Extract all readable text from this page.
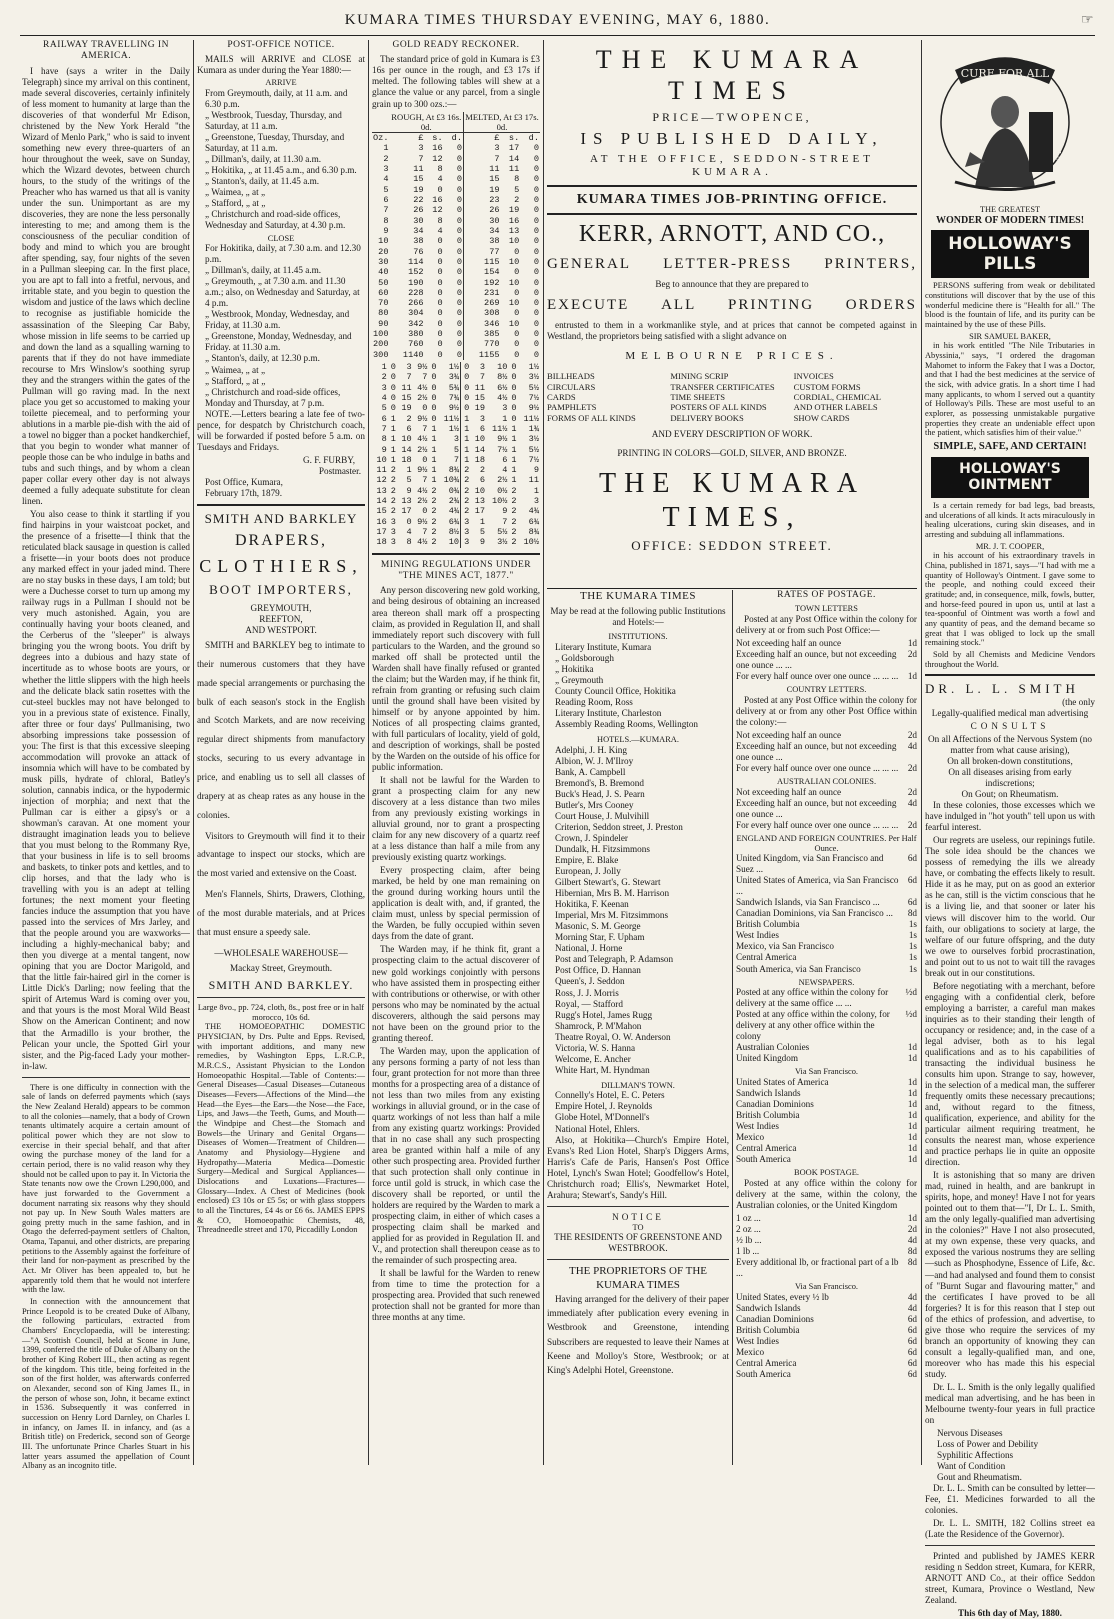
KUMARA TIMES THURSDAY EVENING, MAY 6, 1880.	☞
RAILWAY TRAVELLING IN AMERICA.

I have (says a writer in the Daily Telegraph) since my arrival on this continent, made several discoveries, certainly infinitely of less moment to humanity at large than the discoveries of that wonderful Mr Edison, christened by the New York Herald "the Wizard of Menlo Park," who is said to invent something new every three-quarters of an hour throughout the week, save on Sunday, which the Wizard devotes, between church hours, to the study of the writings of the Preacher who has warned us that all is vanity under the sun. Unimportant as are my discoveries, they are none the less personally interesting to me; and among them is the consciousness of the peculiar condition of body and mind to which you are brought after spending, say, four nights of the seven in a Pullman sleeping car. In the first place, you are apt to fall into a fretful, nervous, and irritable state, and you begin to question the wisdom and justice of the laws which decline to recognise as justifiable homicide the assassination of the Sleeping Car Baby, whose mission in life seems to be carried up and down the land as a squalling warning to parents that if they do not have immediate recourse to Mrs Winslow's soothing syrup they and the strangers within the gates of the Pullman will go raving mad. In the next place you get so accustomed to making your toilette piecemeal, and to performing your ablutions in a marble pie-dish with the aid of a towel no bigger than a pocket handkerchief, that you begin to wonder what manner of people those can be who indulge in baths and tubs and such things, and by whom a clean paper collar every other day is not always deemed a fully adequate substitute for clean linen.

You also cease to think it startling if you find hairpins in your waistcoat pocket, and the presence of a frisette—I think that the reticulated black sausage in question is called a frisette—in your boots does not produce any marked effect in your jaded mind. There are no stay busks in these days, I am told; but were a Duchesse corset to turn up among my railway rugs in a Pullman I should not be very much astonished. Again, you are continually having your boots cleaned, and the Cerberus of the "sleeper" is always bringing you the wrong boots. You drift by degrees into a dubious and hazy state of incertitude as to whose boots are yours, or whether the little slippers with the high heels and the delicate black satin rosettes with the cut-steel buckles may not have belonged to you in a previous state of existence. Finally, after three or four days' Pullmanising, two absorbing impressions take possession of you: The first is that this excessive sleeping accommodation will provoke an attack of insomnia which will have to be combated by musk pills, hydrate of chloral, Batley's solution, cannabis indica, or the hypodermic injection of morphia; and next that the Pullman car is either a gipsy's or a showman's caravan. At one moment your distraught imagination leads you to believe that you must belong to the Rommany Rye, that your business in life is to sell brooms and baskets, to tinker pots and kettles, and to clip horses, and that the lady who is travelling with you is an adept at telling fortunes; the next moment your fleeting fancies induce the assumption that you have passed into the services of Mrs Jarley, and that the people around you are waxworks—including a highly-mechanical baby; and then you diverge at a mental tangent, now opining that you are Doctor Marigold, and that the little fair-haired girl in the corner is Little Dick's Darling; now feeling that the spirit of Artemus Ward is coming over you, and that yours is the most Moral Wild Beast Show on the American Continent; and now that the Armadillo is your brother, the Pelican your uncle, the Spotted Girl your sister, and the Pig-faced Lady your mother-in-law.

There is one difficulty in connection with the sale of lands on deferred payments which (says the New Zealand Herald) appears to be common to all the colonies—namely, that a body of Crown tenants ultimately acquire a certain amount of political power which they are not slow to exercise in their special behalf, and that after owing the purchase money of the land for a certain period, there is no valid reason why they should not be called upon to pay it. In Victoria the State tenants now owe the Crown L290,000, and have just forwarded to the Government a document narrating six reasons why they should not pay up. In New South Wales matters are going pretty much in the same fashion, and in Otago the deferred-payment settlers of Chalton, Otama, Tapanui, and other districts, are preparing petitions to the Assembly against the forfeiture of their land for non-payment as prescribed by the Act. Mr Oliver has been appealed to, but he apparently told them that he would not interfere with the law.

In connection with the announcement that Prince Leopold is to be created Duke of Albany, the following particulars, extracted from Chambers' Encyclopaedia, will be interesting:—"A Scottish Council, held at Scone in June, 1399, conferred the title of Duke of Albany on the brother of King Robert III., then acting as regent of the kingdom. This title, being forfeited in the son of the first holder, was afterwards conferred on Alexander, second son of King James II., in the person of whose son, John, it became extinct in 1536. Subsequently it was conferred in succession on Henry Lord Darnley, on Charles I. in infancy, on James II. in infancy, and (as a British title) on Frederick, second son of George III. The unfortunate Prince Charles Stuart in his latter years assumed the appellation of Count Albany as an incognito title.

POST-OFFICE NOTICE.

MAILS will ARRIVE and CLOSE at Kumara as under during the Year 1880:—

ARRIVE
From Greymouth, daily, at 11 a.m. and 6.30 p.m.
„ Westbrook, Tuesday, Thursday, and Saturday, at 11 a.m.
„ Greenstone, Tuesday, Thursday, and Saturday, at 11 a.m.
„ Dillman's, daily, at 11.30 a.m.
„ Hokitika, „ at 11.45 a.m., and 6.30 p.m.
„ Stanton's, daily, at 11.45 a.m.
„ Waimea, „ at „
„ Stafford, „ at „
„ Christchurch and road-side offices, Wednesday and Saturday, at 4.30 p.m.
CLOSE
For Hokitika, daily, at 7.30 a.m. and 12.30 p.m.
„ Dillman's, daily, at 11.45 a.m.
„ Greymouth, „ at 7.30 a.m. and 11.30 a.m.; also, on Wednesday and Saturday, at 4 p.m.
„ Westbrook, Monday, Wednesday, and Friday, at 11.30 a.m.
„ Greenstone, Monday, Wednesday, and Friday. at 11.30 a.m.
„ Stanton's, daily, at 12.30 p.m.
„ Waimea, „ at „
„ Stafford, „ at „
„ Christchurch and road-side offices, Monday and Thursday, at 7 p.m.

NOTE.—Letters bearing a late fee of two-pence, for despatch by Christchurch coach, will be forwarded if posted before 5 a.m. on Tuesdays and Fridays.

G. F. FURBY,
Postmaster.
Post Office, Kumara,
February 17th, 1879.
SMITH AND BARKLEY
DRAPERS,
CLOTHIERS,
BOOT IMPORTERS,
GREYMOUTH,
REEFTON,
AND WESTPORT.

SMITH and BARKLEY beg to intimate to their numerous customers that they have made special arrangements or purchasing the bulk of each season's stock in the English and Scotch Markets, and are now receiving regular direct shipments from manufactory stocks, securing to us every advantage in price, and enabling us to sell all classes of drapery at as cheap rates as any house in the colonies.

Visitors to Greymouth will find it to their advantage to inspect our stocks, which are the most varied and extensive on the Coast.

Men's Flannels, Shirts, Drawers, Clothing, of the most durable materials, and at Prices that must ensure a speedy sale.

—WHOLESALE WAREHOUSE—
Mackay Street, Greymouth.
SMITH AND BARKLEY.
Large 8vo., pp. 724, cloth, 8s., post free or in half morocco, 10s 6d.

THE HOMOEOPATHIC DOMESTIC PHYSICIAN, by Drs. Pulte and Epps. Revised, with important additions, and many new remedies, by Washington Epps, L.R.C.P., M.R.C.S., Assistant Physician to the London Homoeopathic Hospital.—Table of Contents:—General Diseases—Casual Diseases—Cutaneous Diseases—Fevers—Affections of the Mind—the Head—the Eyes—the Ears—the Nose—the Face, Lips, and Jaws—the Teeth, Gums, and Mouth—the Windpipe and Chest—the Stomach and Bowels—the Urinary and Genital Organs—Diseases of Women—Treatment of Children—Anatomy and Physiology—Hygiene and Hydropathy—Materia Medica—Domestic Surgery—Medical and Surgical Appliances—Dislocations and Luxations—Fractures—Glossary—Index. A Chest of Medicines (book enclosed) £3 10s or £5 5s; or with glass stoppers to all the Tinctures, £4 4s or £6 6s. JAMES EPPS & CO, Homoeopathic Chemists, 48, Threadneedle street and 170, Piccadilly London

GOLD READY RECKONER.

The standard price of gold in Kumara is £3 16s per ounce in the rough, and £3 17s if melted. The following tables will shew at a glance the value or any parcel, from a single grain up to 300 ozs.:—

	ROUGH, At £3 16s. 0d.			MELTED, At £3 17s. 0d.		
Oz.	£	s.	d.	£	s.	d.
1	3	16	0	3	17	0
2	7	12	0	7	14	0
3	11	8	0	11	11	0
4	15	4	0	15	8	0
5	19	0	0	19	5	0
6	22	16	0	23	2	0
7	26	12	0	26	19	0
8	30	8	0	30	16	0
9	34	4	0	34	13	0
10	38	0	0	38	10	0
20	76	0	0	77	0	0
30	114	0	0	115	10	0
40	152	0	0	154	0	0
50	190	0	0	192	10	0
60	228	0	0	231	0	0
70	266	0	0	269	10	0
80	304	0	0	308	0	0
90	342	0	0	346	10	0
100	380	0	0	385	0	0
200	760	0	0	770	0	0
300	1140	0	0	1155	0	0
1	0	3	9½	0	1½	0	3	10	0	1½
2	0	7	7	0	3¾	0	7	8½	0	3½
3	0	11	4½	0	5¾	0	11	6½	0	5½
4	0	15	2½	0	7¾	0	15	4½	0	7½
5	0	19	0	0	9½	0	19	3	0	9½
6	1	2	9½	0	11½	1	3	1	0	11½
7	1	6	7	1	1½	1	6	11½	1	1¾
8	1	10	4½	1	3	1	10	9½	1	3½
9	1	14	2½	1	5	1	14	7½	1	5½
10	1	18	0	1	7	1	18	6	1	7½
11	2	1	9½	1	8¾	2	2	4	1	9
12	2	5	7	1	10¾	2	6	2½	1	11
13	2	9	4½	2	0¾	2	10	0½	2	1
14	2	13	2½	2	2¾	2	13	10½	2	3
15	2	17	0	2	4¾	2	17	9	2	4¾
16	3	0	9½	2	6¾	3	1	7	2	6¾
17	3	4	7	2	8½	3	5	5½	2	8¾
18	3	8	4½	2	10	3	9	3½	2	10½
MINING REGULATIONS UNDER "THE MINES ACT, 1877."

Any person discovering new gold working, and being desirous of obtaining an increased area thereon shall mark off a prospecting claim, as provided in Regulation II, and shall immediately report such discovery with full particulars to the Warden, and the ground so marked off shall be protected until the Warden shall have finally refused or granted the claim; but the Warden may, if he think fit, refrain from granting or refusing such claim until the ground shall have been visited by himself or by anyone appointed by him. Notices of all prospecting claims granted, with full particulars of locality, yield of gold, and description of workings, shall be posted by the Warden on the outside of his office for public information.

It shall not be lawful for the Warden to grant a prospecting claim for any new discovery at a less distance than two miles from any previously existing workings in alluvial ground, nor to grant a prospecting claim for any new discovery of a quartz reef at a less distance than half a mile from any previously existing quartz workings.

Every prospecting claim, after being marked, be held by one man remaining on the ground during working hours until the application is dealt with, and, if granted, the claim must, unless by special permission of the Warden, be fully occupied within seven days from the date of grant.

The Warden may, if he think fit, grant a prospecting claim to the actual discoverer of new gold workings conjointly with persons who have assisted them in prospecting either with contributions or otherwise, or with other persons who may be nominated by the actual discoverers, although the said persons may not have been on the ground prior to the granting thereof.

The Warden may, upon the application of any persons forming a party of not less than four, grant protection for not more than three months for a prospecting area of a distance of not less than two miles from any existing workings in alluvial ground, or in the case of quartz workings of not less than half a mile from any existing quartz workings: Provided that in no case shall any such prospecting area be granted within half a mile of any other such prospecting area. Provided further that such protection shall only continue in force until gold is struck, in which case the discovery shall be reported, or until the holders are required by the Warden to mark a prospecting claim, in either of which cases a prospecting claim shall be marked and applied for as provided in Regulation II. and V., and protection shall thereupon cease as to the remainder of such prospecting area.

It shall be lawful for the Warden to renew from time to time the protection for a prospecting area. Provided that such renewed protection shall not be granted for more than three months at any time.

THE KUMARA TIMES
PRICE—TWOPENCE,
IS PUBLISHED DAILY,
AT THE OFFICE, SEDDON-STREET
KUMARA.
KUMARA TIMES JOB-PRINTING OFFICE.
KERR, ARNOTT, AND CO.,
GENERAL LETTER-PRESS PRINTERS,
Beg to announce that they are prepared to
EXECUTE ALL PRINTING ORDERS

entrusted to them in a workmanlike style, and at prices that cannot be competed against in Westland, the proprietors being satisfied with a slight advance on

MELBOURNE PRICES.
BILLHEADS	MINING SCRIP	INVOICES
CIRCULARS	TRANSFER CERTIFICATES	CUSTOM FORMS
CARDS	TIME SHEETS	CORDIAL, CHEMICAL
PAMPHLETS	POSTERS OF ALL KINDS	AND OTHER LABELS
FORMS OF ALL KINDS	DELIVERY BOOKS	SHOW CARDS
AND EVERY DESCRIPTION OF WORK.
PRINTING IN COLORS—GOLD, SILVER, AND BRONZE.
THE KUMARA TIMES,
OFFICE: SEDDON STREET.
THE KUMARA TIMES
May be read at the following public Institutions and Hotels:—
INSTITUTIONS.
Literary Institute, Kumara
„ Goldsborough
„ Hokitika
„ Greymouth
County Council Office, Hokitika
Reading Room, Ross
Literary Institute, Charleston
Assembly Reading Rooms, Wellington
HOTELS.—KUMARA.
Adelphi, J. H. King
Albion, W. J. M'Ilroy
Bank, A. Campbell
Bremond's, B. Bremond
Buck's Head, J. S. Pearn
Butler's, Mrs Cooney
Court House, J. Mulvihill
Criterion, Seddon street, J. Preston
Crown, J. Spindeler
Dundalk, H. Fitzsimmons
Empire, E. Blake
European, J. Jolly
Gilbert Stewart's, G. Stewart
Hibernian, Mrs B. M. Harrison
Hokitika, F. Keenan
Imperial, Mrs M. Fitzsimmons
Masonic, S. M. George
Morning Star, F. Upham
National, J. Horne
Post and Telegraph, P. Adamson
Post Office, D. Hannan
Queen's, J. Seddon
Ross, J. J. Morris
Royal, — Stafford
Rugg's Hotel, James Rugg
Shamrock, P. M'Mahon
Theatre Royal, O. W. Anderson
Victoria, W. S. Hanna
Welcome, E. Ancher
White Hart, M. Hyndman
DILLMAN'S TOWN.
Connelly's Hotel, E. C. Peters
Empire Hotel, J. Reynolds
Globe Hotel, M'Donnell's
National Hotel, Ehlers.

Also, at Hokitika—Church's Empire Hotel, Evans's Red Lion Hotel, Sharp's Diggers Arms, Harris's Cafe de Paris, Hansen's Post Office Hotel, Lynch's Swan Hotel; Goodfellow's Hotel, Christchurch road; Ellis's, Newmarket Hotel, Arahura; Stewart's, Sandy's Hill.

NOTICE
TO
THE RESIDENTS OF GREENSTONE AND WESTBROOK.
THE PROPRIETORS OF THE KUMARA TIMES

Having arranged for the delivery of their paper immediately after publication every evening in Westbrook and Greenstone, intending Subscribers are requested to leave their Names at Keene and Molloy's Store, Westbrook; or at King's Adelphi Hotel, Greenstone.

RATES OF POSTAGE.
TOWN LETTERS

Posted at any Post Office within the colony for delivery at or from such Post Office:—

Not exceeding half an ounce	1d
Exceeding half an ounce, but not exceeding one ounce ... ...
2d
For every half ounce over one ounce ... ... ...	1d
COUNTRY LETTERS.

Posted at any Post Office within the colony for delivery at or from any other Post Office within the colony:—

Not exceeding half an ounce	2d
Exceeding half an ounce, but not exceeding one ounce ...
4d
For every half ounce over one ounce ... ... ...	2d
AUSTRALIAN COLONIES.
Not exceeding half an ounce	2d
Exceeding half an ounce, but not exceeding one ounce ...
4d
For every half ounce over one ounce ... ... ...	2d
ENGLAND AND FOREIGN COUNTRIES. Per Half Ounce.
United Kingdom, via San Francisco and Suez ...
6d
United States of America, via San Francisco ...
6d
Sandwich Islands, via San Francisco ...	6d
Canadian Dominions, via San Francisco ...	8d
British Columbia	1s
West Indies	1s
Mexico, via San Francisco	1s
Central America	1s
South America, via San Francisco	1s
NEWSPAPERS.
Posted at any office within the colony for delivery at the same office ... ...
½d
Posted at any office within the colony, for delivery at any other office within the colony
½d
Australian Colonies	1d
United Kingdom	1d
Via San Francisco.
United States of America	1d
Sandwich Islands	1d
Canadian Dominions	1d
British Columbia	1d
West Indies	1d
Mexico	1d
Central America	1d
South America	1d
BOOK POSTAGE.

Posted at any office within the colony for delivery at the same, within the colony, the Australian colonies, or the United Kingdom

1 oz ...	1d
2 oz ...	2d
½ lb ...	4d
1 lb ...	8d
Every additional lb, or fractional part of a lb ...
8d
Via San Francisco.
United States, every ½ lb	4d
Sandwich Islands	4d
Canadian Dominions	6d
British Columbia	6d
West Indies	6d
Mexico	6d
Central America	6d
South America	6d
CURE FOR ALL
NEVER FAILING
THE GREATEST
WONDER OF MODERN TIMES!
HOLLOWAY'S PILLS

PERSONS suffering from weak or debilitated constitutions will discover that by the use of this wonderful medicine there is "Health for all." The blood is the fountain of life, and its purity can be maintained by the use of these Pills.

SIR SAMUEL BAKER,

in his work entitled "The Nile Tributaries in Abyssinia," says, "I ordered the dragoman Mahomet to inform the Fakey that I was a Doctor, and that I had the best medicines at the service of the sick, with advice gratis. In a short time I had many applicants, to whom I served out a quantity of Holloway's Pills. These are most useful to an explorer, as possessing unmistakable purgative properties they create an undeniable effect upon the patient, which satisfies him of their value."

SIMPLE, SAFE, AND CERTAIN!
HOLLOWAY'S OINTMENT

Is a certain remedy for bad legs, bad breasts, and ulcerations of all kinds. It acts miraculously in healing ulcerations, curing skin diseases, and in arresting and subduing all inflammations.

MR. J. T. COOPER,

in his account of his extraordinary travels in China, published in 1871, says—"I had with me a quantity of Holloway's Ointment. I gave some to the people, and nothing could exceed their gratitude; and, in consequence, milk, fowls, butter, and horse-feed poured in upon us, until at last a tea-spoonful of Ointment was worth a fowl and any quantity of peas, and the demand became so great that I was obliged to lock up the small remaining stock."

Sold by all Chemists and Medicine Vendors throughout the World.

DR. L. L. SMITH
(the only
Legally-qualified medical man advertising
CONSULTS
On all Affections of the Nervous System (no matter from what cause arising),
On all broken-down constitutions,
On all diseases arising from early indiscretions;
On Gout; on Rheumatism.

In these colonies, those excesses which we have indulged in "hot youth" tell upon us with fearful interest.

Our regrets are useless, our repinings futile. The sole idea should be the chances we possess of remedying the ills we already have, or combating the effects likely to result. Hide it as he may, put on as good an exterior as he can, still is the victim conscious that he is a living lie, and that sooner or later his views will discover him to the world. Our faith, our obligations to society at large, the welfare of our future offspring, and the duty we owe to ourselves forbid procrastination, and point out to us not to wait till the ravages break out in our constitutions.

Before negotiating with a merchant, before engaging with a confidential clerk, before employing a barrister, a careful man makes inquiries as to their standing their length of occupancy or residence; and, in the case of a legal adviser, both as to his legal qualifications and as to his capabilities of transacting the individual business he consults him upon. Strange to say, however, in the selection of a medical man, the sufferer frequently omits these necessary precautions; and, without regard to the fitness, qualification, experience, and ability for the particular ailment requiring treatment, he consults the nearest man, whose experience and practice perhaps lie in quite an opposite direction.

It is astonishing that so many are driven mad, ruined in health, and are bankrupt in spirits, hope, and money! Have I not for years pointed out to them that—"I, Dr L. L. Smith, am the only legally-qualified man advertising in the colonies?" Have I not also prosecuted, at my own expense, these very quacks, and exposed the various nostrums they are selling—such as Phosphodyne, Essence of Life, &c.—and had analysed and found them to consist of "Burnt Sugar and flavouring matter," and the certificates I have proved to be all forgeries? It is for this reason that I step out of the ethics of profession, and advertise, to give those who require the services of my branch an opportunity of knowing they can consult a legally-qualified man, and one, moreover who has made this his especial study.

Dr. L. L. Smith is the only legally qualified medical man advertising, and he has been in Melbourne twenty-four years in full practice on

Nervous Diseases
Loss of Power and Debility
Syphilitic Affections
Want of Condition
Gout and Rheumatism.

Dr. L. L. Smith can be consulted by letter—Fee, £1. Medicines forwarded to all the colonies.

Dr. L. L. SMITH, 182 Collins street ea (Late the Residence of the Governor).

Printed and published by JAMES KERR residing n Seddon street, Kumara, for KERR, ARNOTT AND Co., at their office Seddon street, Kumara, Province o Westland, New Zealand.

This 6th day of May, 1880.
